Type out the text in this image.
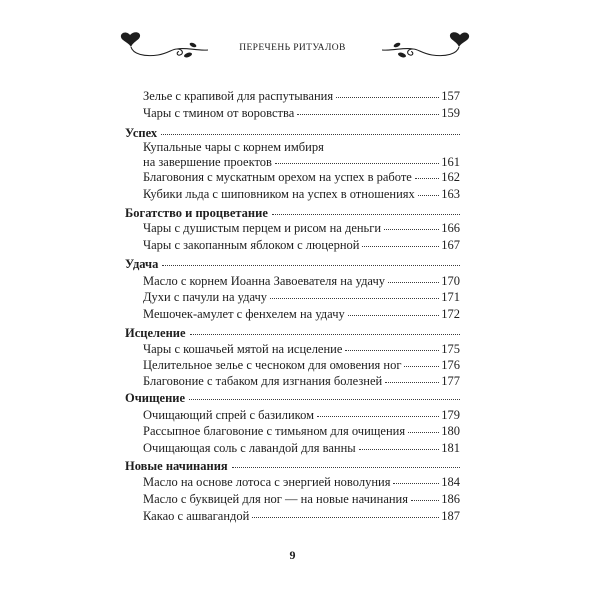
ПЕРЕЧЕНЬ РИТУАЛОВ
Зелье с крапивой для распутывания	157
Чары с тмином от воровства	159
Успех
Купальные чары с корнем имбиря
на завершение проектов	161
Благовония с мускатным орехом на успех в работе 162
Кубики льда с шиповником на успех в отношениях 163
Богатство и процветание
Чары с душистым перцем и рисом на деньги	166
Чары с закопанным яблоком с люцерной	167
Удача
Масло с корнем Иоанна Завоевателя на удачу	170
Духи с пачули на удачу	171
Мешочек-амулет с фенхелем на удачу	172
Исцеление
Чары с кошачьей мятой на исцеление	175
Целительное зелье с чесноком для омовения ног	176
Благовоние с табаком для изгнания болезней	177
Очищение
Очищающий спрей с базиликом	179
Рассыпное благовоние с тимьяном для очищения	180
Очищающая соль с лавандой для ванны	181
Новые начинания
Масло на основе лотоса с энергией новолуния	184
Масло с буквицей для ног — на новые начинания	186
Какао с ашвагандой	187
9
